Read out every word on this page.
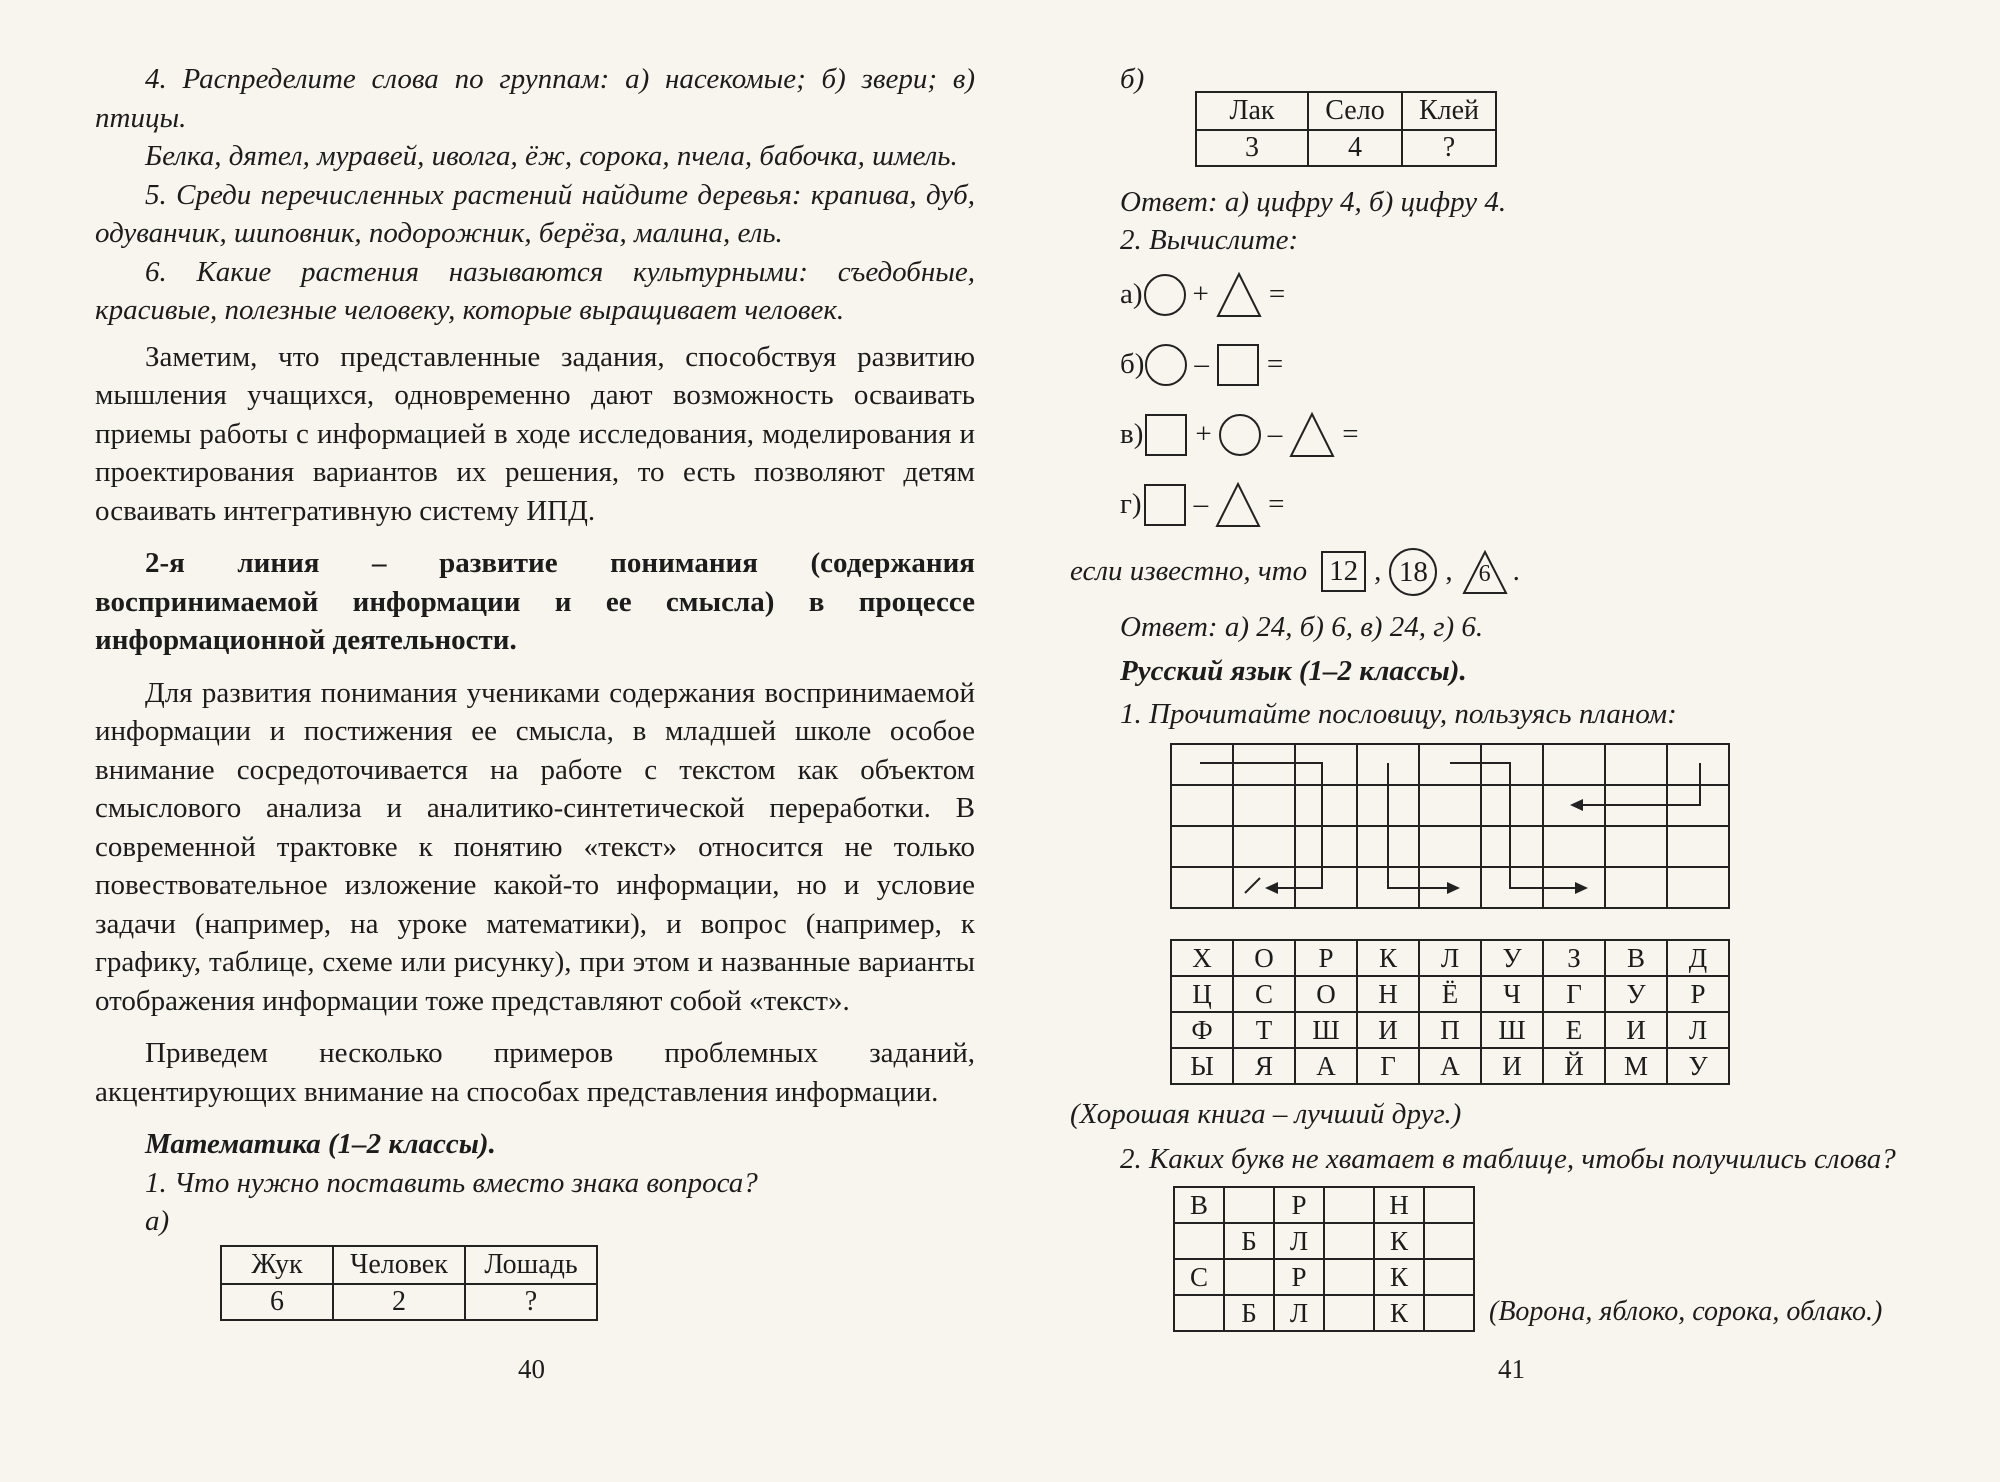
4. Распределите слова по группам: а) насекомые; б) звери; в) птицы.

Белка, дятел, муравей, иволга, ёж, сорока, пчела, бабочка, шмель.

5. Среди перечисленных растений найдите деревья: крапива, дуб, одуванчик, шиповник, подорожник, берёза, малина, ель.

6. Какие растения называются культурными: съедобные, красивые, полезные человеку, которые выращивает человек.

Заметим, что представленные задания, способствуя развитию мышления учащихся, одновременно дают возможность осваивать приемы работы с информацией в ходе исследования, моделирования и проектирования вариантов их решения, то есть позволяют детям осваивать интегративную систему ИПД.

2-я линия – развитие понимания (содержания воспринимаемой информации и ее смысла) в процессе информационной деятельности.

Для развития понимания учениками содержания воспринимаемой информации и постижения ее смысла, в младшей школе особое внимание сосредоточивается на работе с текстом как объектом смыслового анализа и аналитико-синтетической переработки. В современной трактовке к понятию «текст» относится не только повествовательное изложение какой-то информации, но и условие задачи (например, на уроке математики), и вопрос (например, к графику, таблице, схеме или рисунку), при этом и названные варианты отображения информации тоже представляют собой «текст».

Приведем несколько примеров проблемных заданий, акцентирующих внимание на способах представления информации.

Математика (1–2 классы).

1. Что нужно поставить вместо знака вопроса?

а)

Жук	Человек	Лошадь
6	2	?
40

б)

Лак	Село	Клей
3	4	?

Ответ: а) цифру 4, б) цифру 4.

2. Вычислите:

а) + =
б) – =
в) + – =
г) – =
если известно, что 12 , 18 ,	6 .

Ответ: а) 24, б) 6, в) 24, г) 6.

Русский язык (1–2 классы).

1. Прочитайте пословицу, пользуясь планом:

Х	О	Р	К	Л	У	З	В	Д
Ц	С	О	Н	Ё	Ч	Г	У	Р
Ф	Т	Ш	И	П	Ш	Е	И	Л
Ы	Я	А	Г	А	И	Й	М	У

(Хорошая книга – лучший друг.)

2. Каких букв не хватает в таблице, чтобы получились слова?

В		Р		Н	
	Б	Л		К	
С		Р		К	
	Б	Л		К		(Ворона, яблоко, сорока, облако.)
41
